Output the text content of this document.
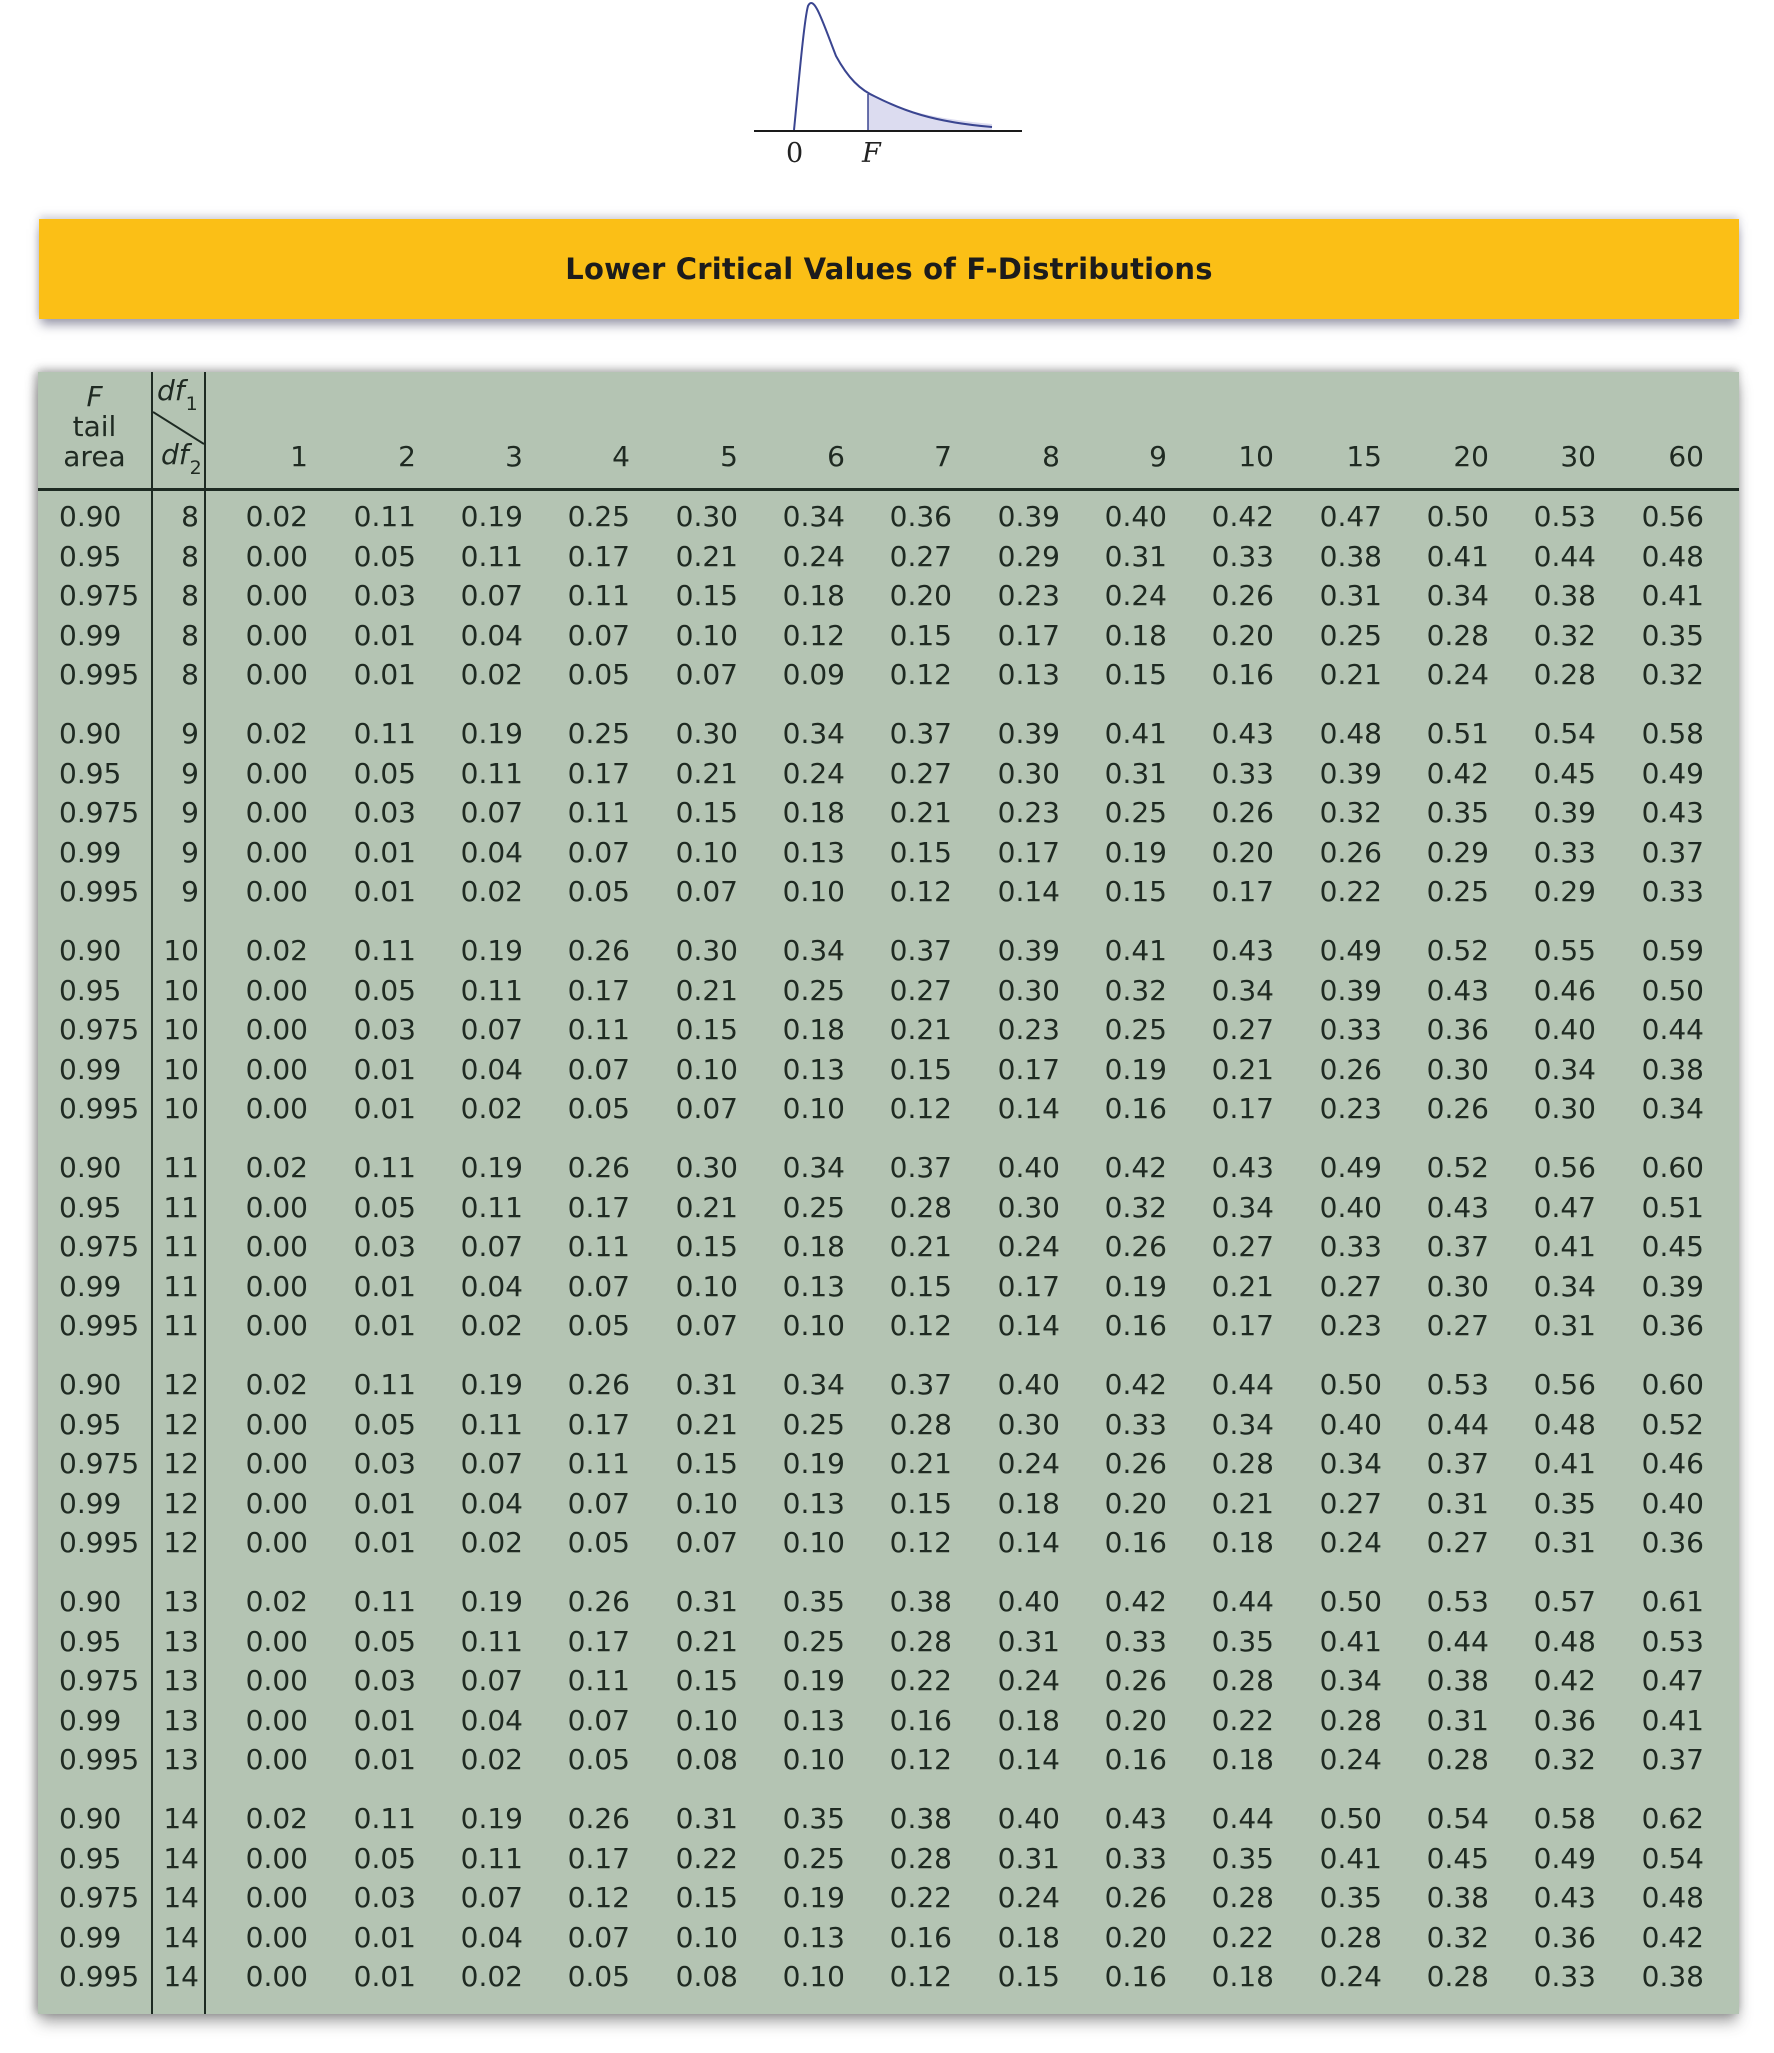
0 F
Lower Critical Values of F-Distributions
F
tail
area
$df_1$
$df_2$	1	2	3	4	5	6	7	8	9	10	15	20	30	60
0.90	8	0.02	0.11	0.19	0.25	0.30	0.34	0.36	0.39	0.40	0.42	0.47	0.50	0.53	0.56
0.95	8	0.00	0.05	0.11	0.17	0.21	0.24	0.27	0.29	0.31	0.33	0.38	0.41	0.44	0.48
0.975	8	0.00	0.03	0.07	0.11	0.15	0.18	0.20	0.23	0.24	0.26	0.31	0.34	0.38	0.41
0.99	8	0.00	0.01	0.04	0.07	0.10	0.12	0.15	0.17	0.18	0.20	0.25	0.28	0.32	0.35
0.995	8	0.00	0.01	0.02	0.05	0.07	0.09	0.12	0.13	0.15	0.16	0.21	0.24	0.28	0.32
0.90	9	0.02	0.11	0.19	0.25	0.30	0.34	0.37	0.39	0.41	0.43	0.48	0.51	0.54	0.58
0.95	9	0.00	0.05	0.11	0.17	0.21	0.24	0.27	0.30	0.31	0.33	0.39	0.42	0.45	0.49
0.975	9	0.00	0.03	0.07	0.11	0.15	0.18	0.21	0.23	0.25	0.26	0.32	0.35	0.39	0.43
0.99	9	0.00	0.01	0.04	0.07	0.10	0.13	0.15	0.17	0.19	0.20	0.26	0.29	0.33	0.37
0.995	9	0.00	0.01	0.02	0.05	0.07	0.10	0.12	0.14	0.15	0.17	0.22	0.25	0.29	0.33
0.90	10	0.02	0.11	0.19	0.26	0.30	0.34	0.37	0.39	0.41	0.43	0.49	0.52	0.55	0.59
0.95	10	0.00	0.05	0.11	0.17	0.21	0.25	0.27	0.30	0.32	0.34	0.39	0.43	0.46	0.50
0.975 10	0.00	0.03	0.07	0.11	0.15	0.18	0.21	0.23	0.25	0.27	0.33	0.36	0.40	0.44
0.99	10	0.00	0.01	0.04	0.07	0.10	0.13	0.15	0.17	0.19	0.21	0.26	0.30	0.34	0.38
0.995 10	0.00	0.01	0.02	0.05	0.07	0.10	0.12	0.14	0.16	0.17	0.23	0.26	0.30	0.34
0.90	11	0.02	0.11	0.19	0.26	0.30	0.34	0.37	0.40	0.42	0.43	0.49	0.52	0.56	0.60
0.95	11	0.00	0.05	0.11	0.17	0.21	0.25	0.28	0.30	0.32	0.34	0.40	0.43	0.47	0.51
0.975 11	0.00	0.03	0.07	0.11	0.15	0.18	0.21	0.24	0.26	0.27	0.33	0.37	0.41	0.45
0.99	11	0.00	0.01	0.04	0.07	0.10	0.13	0.15	0.17	0.19	0.21	0.27	0.30	0.34	0.39
0.995 11	0.00	0.01	0.02	0.05	0.07	0.10	0.12	0.14	0.16	0.17	0.23	0.27	0.31	0.36
0.90	12	0.02	0.11	0.19	0.26	0.31	0.34	0.37	0.40	0.42	0.44	0.50	0.53	0.56	0.60
0.95	12	0.00	0.05	0.11	0.17	0.21	0.25	0.28	0.30	0.33	0.34	0.40	0.44	0.48	0.52
0.975 12	0.00	0.03	0.07	0.11	0.15	0.19	0.21	0.24	0.26	0.28	0.34	0.37	0.41	0.46
0.99	12	0.00	0.01	0.04	0.07	0.10	0.13	0.15	0.18	0.20	0.21	0.27	0.31	0.35	0.40
0.995 12	0.00	0.01	0.02	0.05	0.07	0.10	0.12	0.14	0.16	0.18	0.24	0.27	0.31	0.36
0.90	13	0.02	0.11	0.19	0.26	0.31	0.35	0.38	0.40	0.42	0.44	0.50	0.53	0.57	0.61
0.95	13	0.00	0.05	0.11	0.17	0.21	0.25	0.28	0.31	0.33	0.35	0.41	0.44	0.48	0.53
0.975 13	0.00	0.03	0.07	0.11	0.15	0.19	0.22	0.24	0.26	0.28	0.34	0.38	0.42	0.47
0.99	13	0.00	0.01	0.04	0.07	0.10	0.13	0.16	0.18	0.20	0.22	0.28	0.31	0.36	0.41
0.995 13	0.00	0.01	0.02	0.05	0.08	0.10	0.12	0.14	0.16	0.18	0.24	0.28	0.32	0.37
0.90	14	0.02	0.11	0.19	0.26	0.31	0.35	0.38	0.40	0.43	0.44	0.50	0.54	0.58	0.62
0.95	14	0.00	0.05	0.11	0.17	0.22	0.25	0.28	0.31	0.33	0.35	0.41	0.45	0.49	0.54
0.975 14	0.00	0.03	0.07	0.12	0.15	0.19	0.22	0.24	0.26	0.28	0.35	0.38	0.43	0.48
0.99	14	0.00	0.01	0.04	0.07	0.10	0.13	0.16	0.18	0.20	0.22	0.28	0.32	0.36	0.42
0.995 14	0.00	0.01	0.02	0.05	0.08	0.10	0.12	0.15	0.16	0.18	0.24	0.28	0.33	0.38
